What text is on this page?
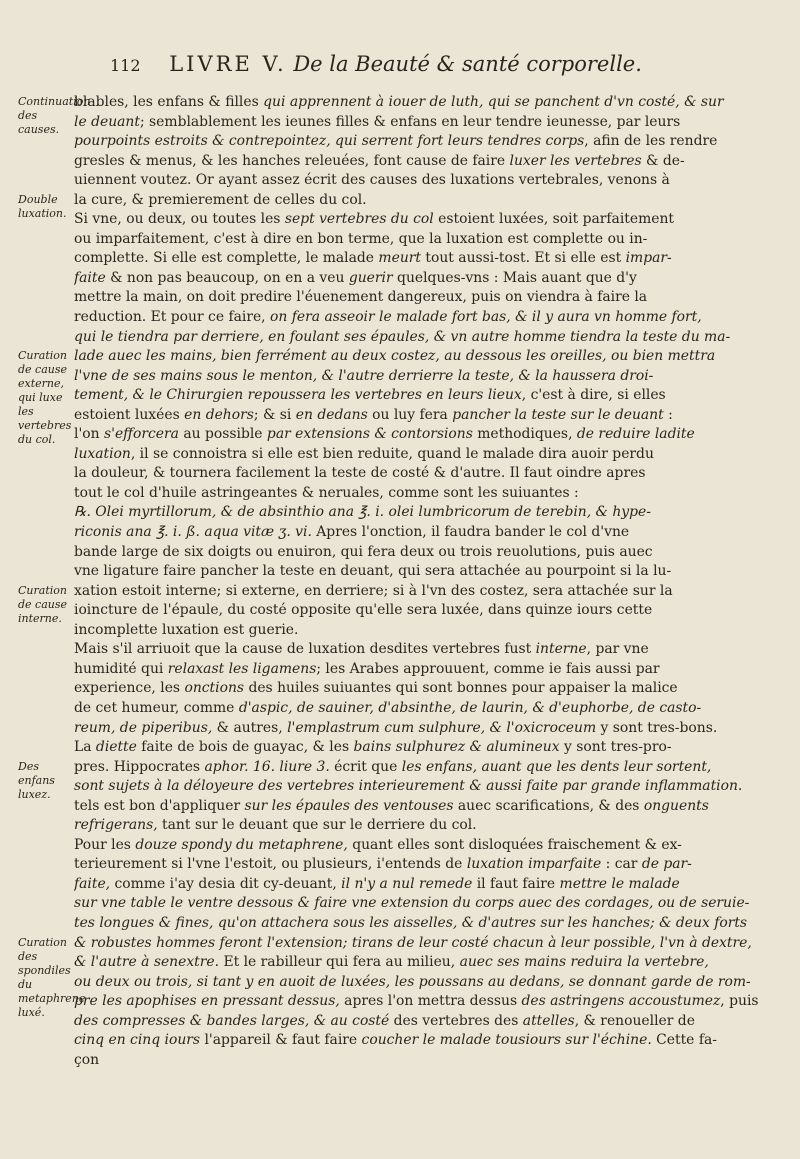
112 LIVRE V. De la Beauté & santé corporelle.
Continuation des causes.
Double luxation.
Curation de cause externe, qui luxe les vertebres du col.
Curation de cause interne.
Des enfans luxez.
Curation des spondiles du metaphrene luxé.
blables, les enfans & filles qui apprennent à iouer de luth, qui se panchent d'vn costé, & sur
le deuant; semblablement les ieunes filles & enfans en leur tendre ieunesse, par leurs
pourpoints estroits & contrepointez, qui serrent fort leurs tendres corps, afin de les rendre
gresles & menus, & les hanches releuées, font cause de faire luxer les vertebres & de-
uiennent voutez. Or ayant assez écrit des causes des luxations vertebrales, venons à
la cure, & premierement de celles du col.
Si vne, ou deux, ou toutes les sept vertebres du col estoient luxées, soit parfaitement
ou imparfaitement, c'est à dire en bon terme, que la luxation est complette ou in-
complette. Si elle est complette, le malade meurt tout aussi-tost. Et si elle est impar-
faite & non pas beaucoup, on en a veu guerir quelques-vns : Mais auant que d'y
mettre la main, on doit predire l'éuenement dangereux, puis on viendra à faire la
reduction. Et pour ce faire, on fera asseoir le malade fort bas, & il y aura vn homme fort,
qui le tiendra par derriere, en foulant ses épaules, & vn autre homme tiendra la teste du ma-
lade auec les mains, bien ferrément au deux costez, au dessous les oreilles, ou bien mettra
l'vne de ses mains sous le menton, & l'autre derrierre la teste, & la haussera droi-
tement, & le Chirurgien repoussera les vertebres en leurs lieux, c'est à dire, si elles
estoient luxées en dehors; & si en dedans ou luy fera pancher la teste sur le deuant :
l'on s'efforcera au possible par extensions & contorsions methodiques, de reduire ladite
luxation, il se connoistra si elle est bien reduite, quand le malade dira auoir perdu
la douleur, & tournera facilement la teste de costé & d'autre. Il faut oindre apres
tout le col d'huile astringeantes & neruales, comme sont les suiuantes :
℞. Olei myrtillorum, & de absinthio ana ℥. i. olei lumbricorum de terebin, & hype-
riconis ana ℥. i. ß. aqua vitæ ʒ. vi. Apres l'onction, il faudra bander le col d'vne
bande large de six doigts ou enuiron, qui fera deux ou trois reuolutions, puis auec
vne ligature faire pancher la teste en deuant, qui sera attachée au pourpoint si la lu-
xation estoit interne; si externe, en derriere; si à l'vn des costez, sera attachée sur la
ioincture de l'épaule, du costé opposite qu'elle sera luxée, dans quinze iours cette
incomplette luxation est guerie.
Mais s'il arriuoit que la cause de luxation desdites vertebres fust interne, par vne
humidité qui relaxast les ligamens; les Arabes approuuent, comme ie fais aussi par
experience, les onctions des huiles suiuantes qui sont bonnes pour appaiser la malice
de cet humeur, comme d'aspic, de sauiner, d'absinthe, de laurin, & d'euphorbe, de casto-
reum, de piperibus, & autres, l'emplastrum cum sulphure, & l'oxicroceum y sont tres-bons.
La diette faite de bois de guayac, & les bains sulphurez & alumineux y sont tres-pro-
pres. Hippocrates aphor. 16. liure 3. écrit que les enfans, auant que les dents leur sortent,
sont sujets à la déloyeure des vertebres interieurement & aussi faite par grande inflammation.
tels est bon d'appliquer sur les épaules des ventouses auec scarifications, & des onguents
refrigerans, tant sur le deuant que sur le derriere du col.
Pour les douze spondy du metaphrene, quant elles sont disloquées fraischement & ex-
terieurement si l'vne l'estoit, ou plusieurs, i'entends de luxation imparfaite : car de par-
faite, comme i'ay desia dit cy-deuant, il n'y a nul remede il faut faire mettre le malade
sur vne table le ventre dessous & faire vne extension du corps auec des cordages, ou de seruie-
tes longues & fines, qu'on attachera sous les aisselles, & d'autres sur les hanches; & deux forts
& robustes hommes feront l'extension; tirans de leur costé chacun à leur possible, l'vn à dextre,
& l'autre à senextre. Et le rabilleur qui fera au milieu, auec ses mains reduira la vertebre,
ou deux ou trois, si tant y en auoit de luxées, les poussans au dedans, se donnant garde de rom-
pre les apophises en pressant dessus, apres l'on mettra dessus des astringens accoustumez, puis
des compresses & bandes larges, & au costé des vertebres des attelles, & renoueller de
cinq en cinq iours l'appareil & faut faire coucher le malade tousiours sur l'échine. Cette fa-
çon
